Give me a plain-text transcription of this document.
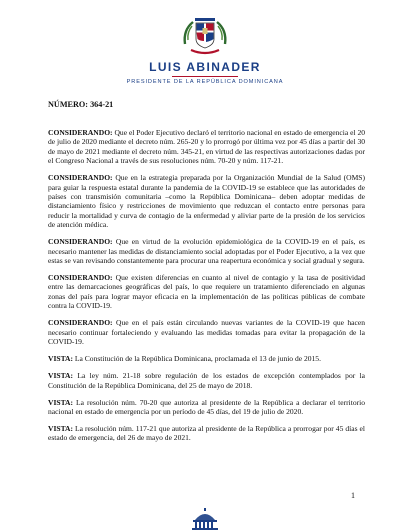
LUIS ABINADER
PRESIDENTE DE LA REPÚBLICA DOMINICANA
NÚMERO: 364-21

CONSIDERANDO: Que el Poder Ejecutivo declaró el territorio nacional en estado de emergencia el 20 de julio de 2020 mediante el decreto núm. 265-20 y lo prorrogó por última vez por 45 días a partir del 30 de mayo de 2021 mediante el decreto núm. 345-21, en virtud de las respectivas autorizaciones dadas por el Congreso Nacional a través de sus resoluciones núm. 70-20 y núm. 117-21.

CONSIDERANDO: Que en la estrategia preparada por la Organización Mundial de la Salud (OMS) para guiar la respuesta estatal durante la pandemia de la COVID-19 se establece que las autoridades de países con transmisión comunitaria –como la República Dominicana– deben adoptar medidas de distanciamiento físico y restricciones de movimiento que reduzcan el contacto entre personas para reducir la mortalidad y curva de contagio de la enfermedad y aliviar parte de la presión de los servicios de atención médica.

CONSIDERANDO: Que en virtud de la evolución epidemiológica de la COVID-19 en el país, es necesario mantener las medidas de distanciamiento social adoptadas por el Poder Ejecutivo, a la vez que estas se van revisando constantemente para procurar una reapertura económica y social gradual y segura.

CONSIDERANDO: Que existen diferencias en cuanto al nivel de contagio y la tasa de positividad entre las demarcaciones geográficas del país, lo que requiere un tratamiento diferenciado en algunas zonas del país para lograr mayor eficacia en la implementación de las políticas públicas de combate contra la COVID-19.

CONSIDERANDO: Que en el país están circulando nuevas variantes de la COVID-19 que hacen necesario continuar fortaleciendo y evaluando las medidas tomadas para evitar la propagación de la COVID-19.

VISTA: La Constitución de la República Dominicana, proclamada el 13 de junio de 2015.

VISTA: La ley núm. 21-18 sobre regulación de los estados de excepción contemplados por la Constitución de la República Dominicana, del 25 de mayo de 2018.

VISTA: La resolución núm. 70-20 que autoriza al presidente de la República a declarar el territorio nacional en estado de emergencia por un período de 45 días, del 19 de julio de 2020.

VISTA: La resolución núm. 117-21 que autoriza al presidente de la República a prorrogar por 45 días el estado de emergencia, del 26 de mayo de 2021.

1
